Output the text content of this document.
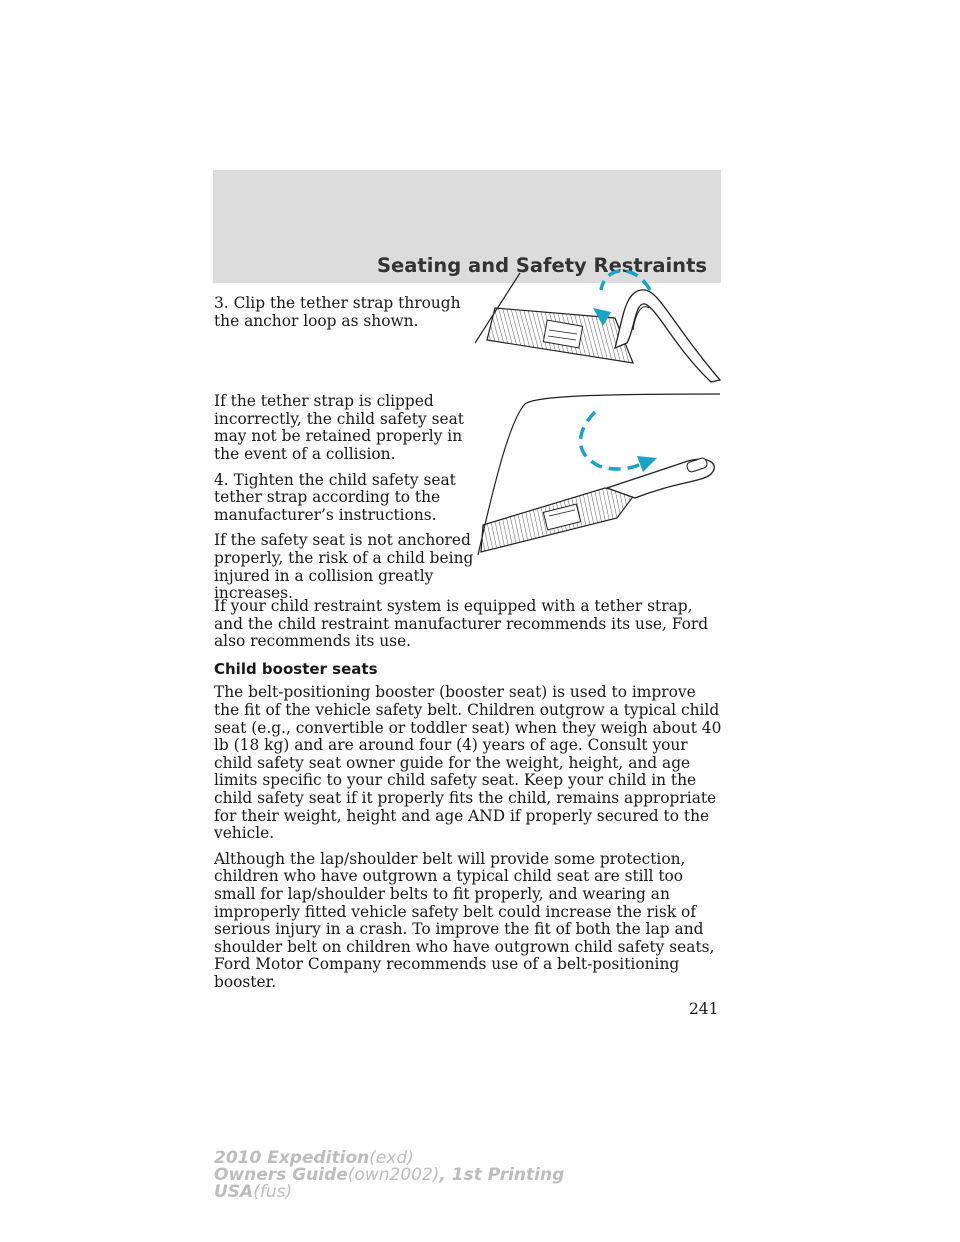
Seating and Safety Restraints

3. Clip the tether strap through the anchor loop as shown.

If the tether strap is clipped incorrectly, the child safety seat may not be retained properly in the event of a collision.

4. Tighten the child safety seat tether strap according to the manufacturer’s instructions.

If the safety seat is not anchored properly, the risk of a child being injured in a collision greatly increases.

If your child restraint system is equipped with a tether strap, and the child restraint manufacturer recommends its use, Ford also recommends its use.

Child booster seats

The belt-positioning booster (booster seat) is used to improve the fit of the vehicle safety belt. Children outgrow a typical child seat (e.g., convertible or toddler seat) when they weigh about 40 lb (18 kg) and are around four (4) years of age. Consult your child safety seat owner guide for the weight, height, and age limits specific to your child safety seat. Keep your child in the child safety seat if it properly fits the child, remains appropriate for their weight, height and age AND if properly secured to the vehicle.

Although the lap/shoulder belt will provide some protection, children who have outgrown a typical child seat are still too small for lap/shoulder belts to fit properly, and wearing an improperly fitted vehicle safety belt could increase the risk of serious injury in a crash. To improve the fit of both the lap and shoulder belt on children who have outgrown child safety seats, Ford Motor Company recommends use of a belt-positioning booster.

241
2010 Expedition(exd)
Owners Guide(own2002), 1st Printing
USA(fus)
